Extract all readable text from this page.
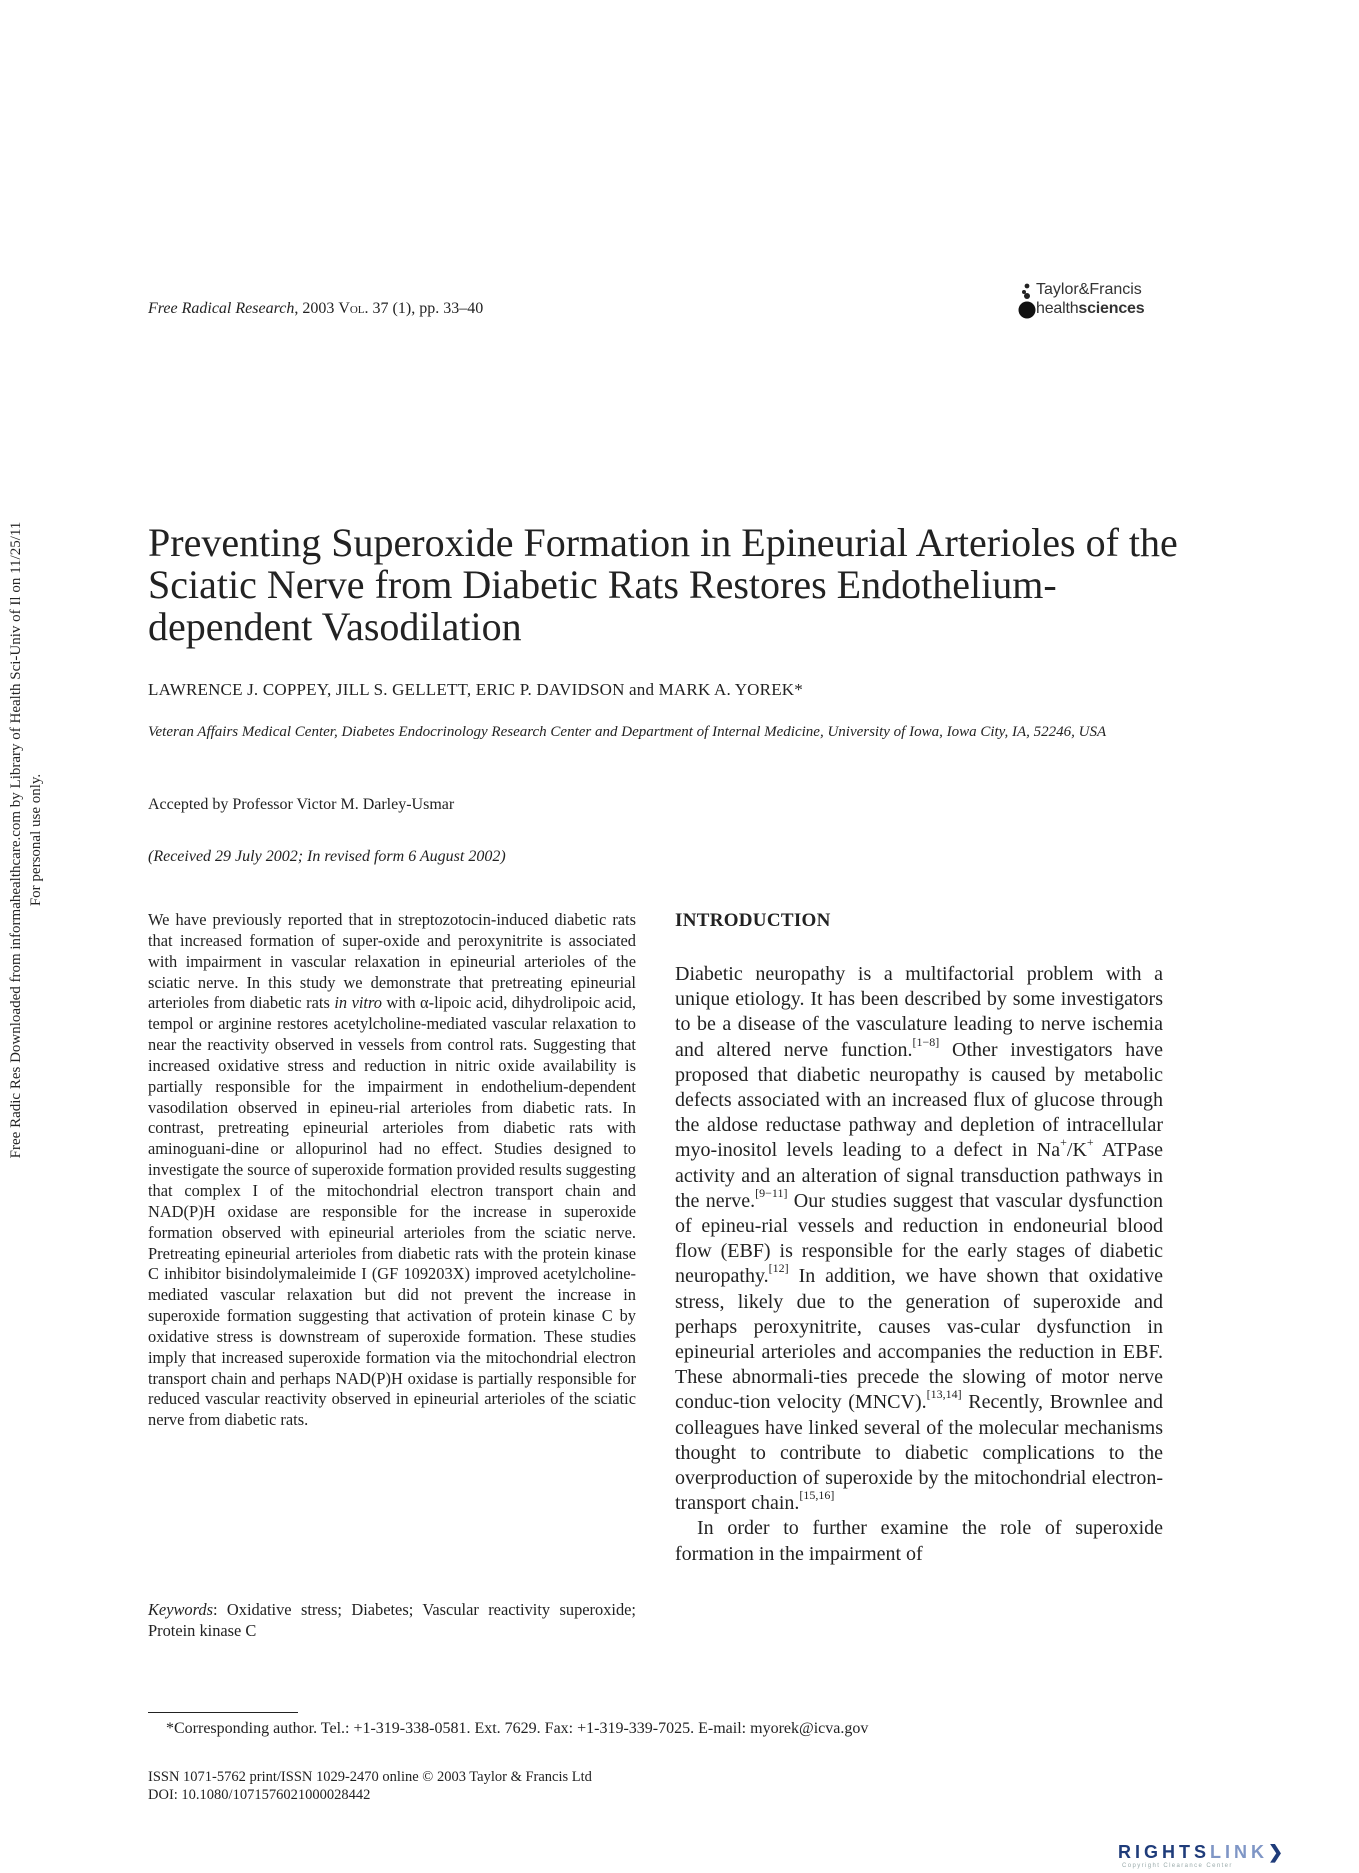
Free Radic Res Downloaded from informahealthcare.com by Library of Health Sci-Univ of Il on 11/25/11 For personal use only.
Free Radical Research, 2003 Vol. 37 (1), pp. 33–40
Taylor&Francis
healthsciences
Preventing Superoxide Formation in Epineurial Arterioles of the Sciatic Nerve from Diabetic Rats Restores Endothelium-dependent Vasodilation
LAWRENCE J. COPPEY, JILL S. GELLETT, ERIC P. DAVIDSON and MARK A. YOREK*
Veteran Affairs Medical Center, Diabetes Endocrinology Research Center and Department of Internal Medicine, University of Iowa, Iowa City, IA, 52246, USA
Accepted by Professor Victor M. Darley-Usmar
(Received 29 July 2002; In revised form 6 August 2002)
We have previously reported that in streptozotocin-induced diabetic rats that increased formation of super-oxide and peroxynitrite is associated with impairment in vascular relaxation in epineurial arterioles of the sciatic nerve. In this study we demonstrate that pretreating epineurial arterioles from diabetic rats in vitro with α-lipoic acid, dihydrolipoic acid, tempol or arginine restores acetylcholine-mediated vascular relaxation to near the reactivity observed in vessels from control rats. Suggesting that increased oxidative stress and reduction in nitric oxide availability is partially responsible for the impairment in endothelium-dependent vasodilation observed in epineu-rial arterioles from diabetic rats. In contrast, pretreating epineurial arterioles from diabetic rats with aminoguani-dine or allopurinol had no effect. Studies designed to investigate the source of superoxide formation provided results suggesting that complex I of the mitochondrial electron transport chain and NAD(P)H oxidase are responsible for the increase in superoxide formation observed with epineurial arterioles from the sciatic nerve. Pretreating epineurial arterioles from diabetic rats with the protein kinase C inhibitor bisindolymaleimide I (GF 109203X) improved acetylcholine-mediated vascular relaxation but did not prevent the increase in superoxide formation suggesting that activation of protein kinase C by oxidative stress is downstream of superoxide formation. These studies imply that increased superoxide formation via the mitochondrial electron transport chain and perhaps NAD(P)H oxidase is partially responsible for reduced vascular reactivity observed in epineurial arterioles of the sciatic nerve from diabetic rats.
Keywords: Oxidative stress; Diabetes; Vascular reactivity superoxide; Protein kinase C
INTRODUCTION

Diabetic neuropathy is a multifactorial problem with a unique etiology. It has been described by some investigators to be a disease of the vasculature leading to nerve ischemia and altered nerve function.[1−8] Other investigators have proposed that diabetic neuropathy is caused by metabolic defects associated with an increased flux of glucose through the aldose reductase pathway and depletion of intracellular myo-inositol levels leading to a defect in Na+/K+ ATPase activity and an alteration of signal transduction pathways in the nerve.[9−11] Our studies suggest that vascular dysfunction of epineu-rial vessels and reduction in endoneurial blood flow (EBF) is responsible for the early stages of diabetic neuropathy.[12] In addition, we have shown that oxidative stress, likely due to the generation of superoxide and perhaps peroxynitrite, causes vas-cular dysfunction in epineurial arterioles and accompanies the reduction in EBF. These abnormali-ties precede the slowing of motor nerve conduc-tion velocity (MNCV).[13,14] Recently, Brownlee and colleagues have linked several of the molecular mechanisms thought to contribute to diabetic complications to the overproduction of superoxide by the mitochondrial electron-transport chain.[15,16]

In order to further examine the role of superoxide formation in the impairment of

*Corresponding author. Tel.: +1-319-338-0581. Ext. 7629. Fax: +1-319-339-7025. E-mail: myorek@icva.gov
ISSN 1071-5762 print/ISSN 1029-2470 online © 2003 Taylor & Francis Ltd
DOI: 10.1080/1071576021000028442
RIGHTSLINK❯
Copyright Clearance Center
